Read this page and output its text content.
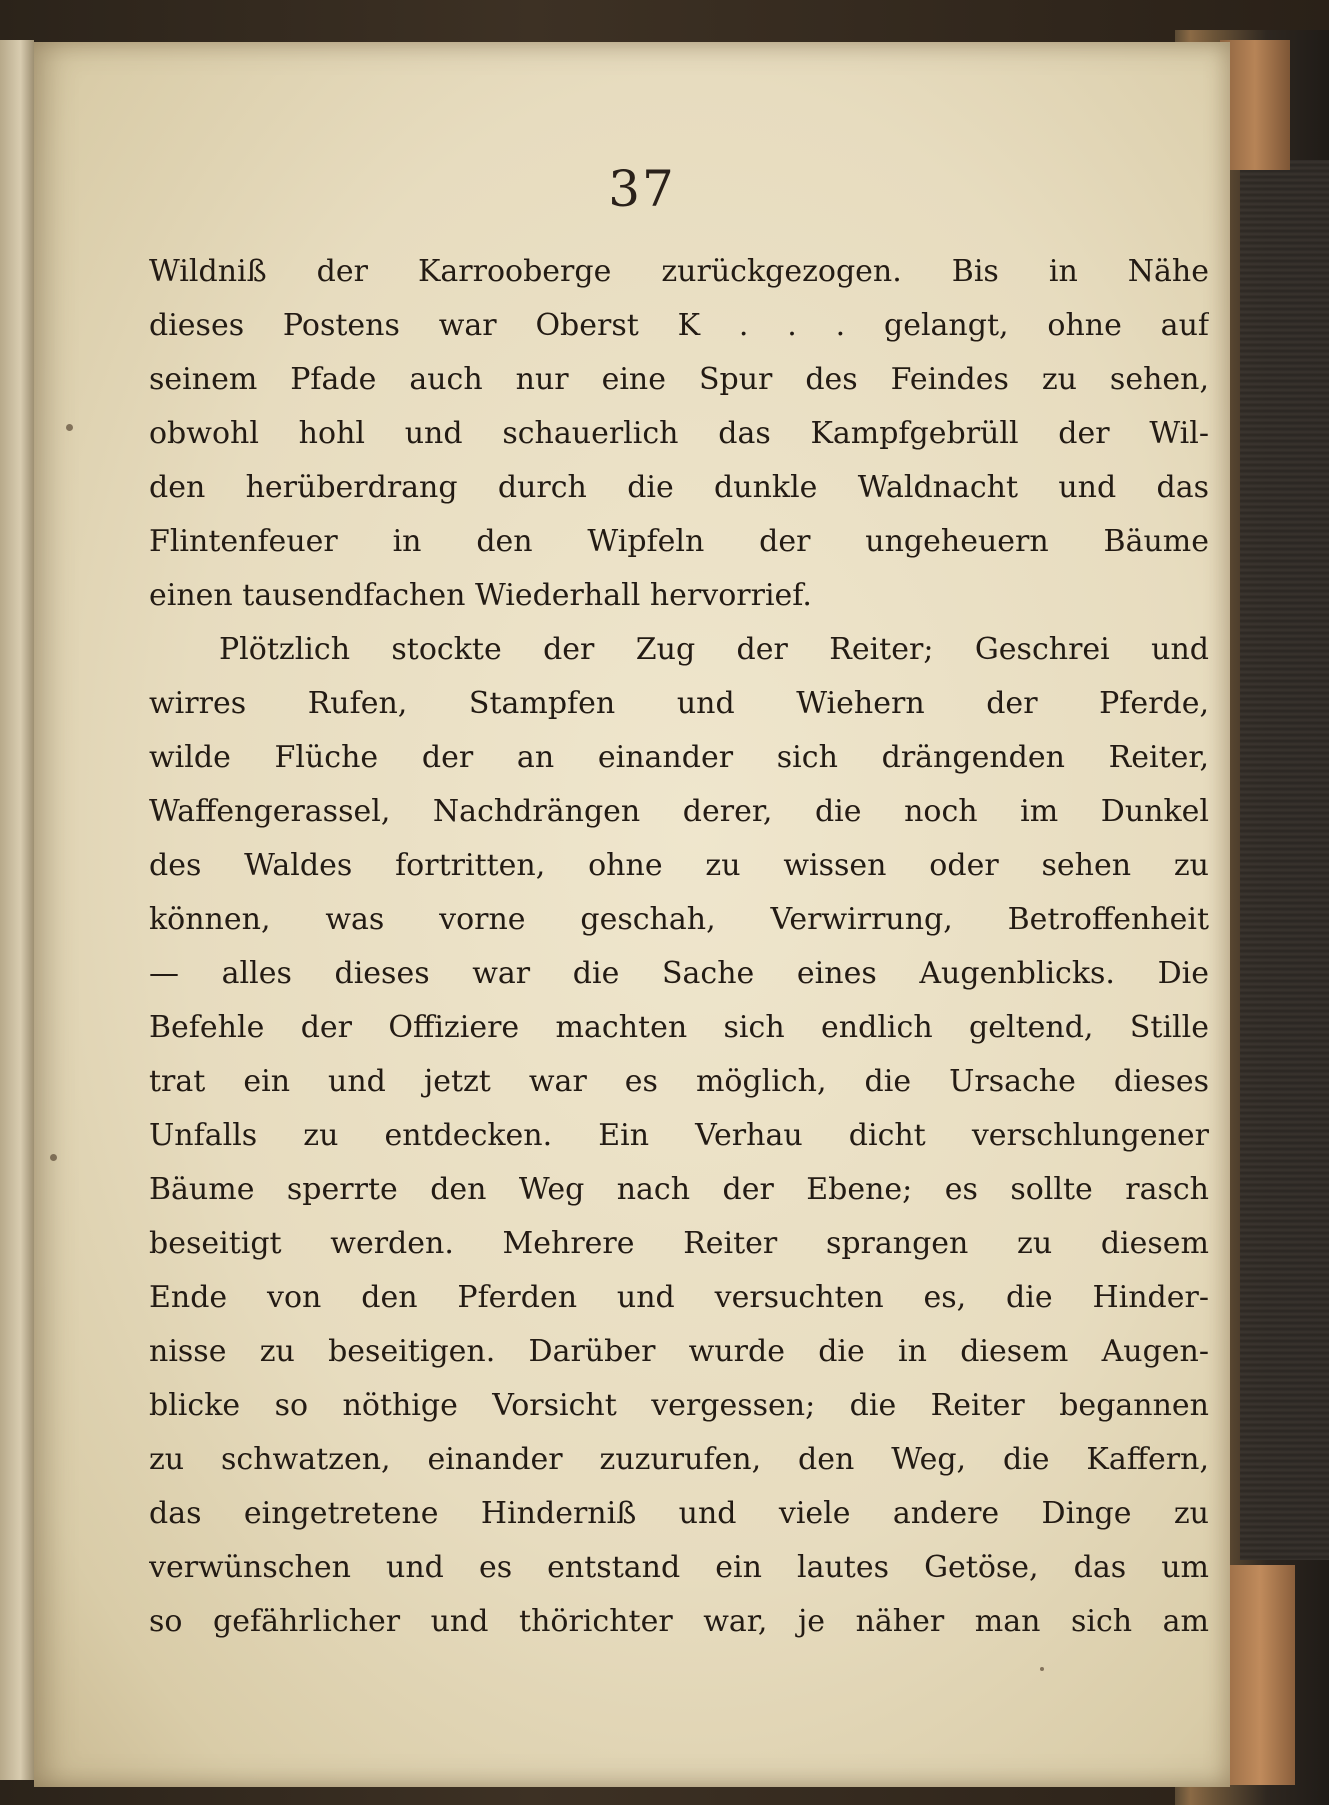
37
Wildniß der Karrooberge zurückgezogen. Bis in Nähe
dieses Postens war Oberst K . . . gelangt, ohne auf
seinem Pfade auch nur eine Spur des Feindes zu sehen,
obwohl hohl und schauerlich das Kampfgebrüll der Wil-
den herüberdrang durch die dunkle Waldnacht und das
Flintenfeuer in den Wipfeln der ungeheuern Bäume
einen tausendfachen Wiederhall hervorrief.
Plötzlich stockte der Zug der Reiter; Geschrei und
wirres Rufen, Stampfen und Wiehern der Pferde,
wilde Flüche der an einander sich drängenden Reiter,
Waffengerassel, Nachdrängen derer, die noch im Dunkel
des Waldes fortritten, ohne zu wissen oder sehen zu
können, was vorne geschah, Verwirrung, Betroffenheit
— alles dieses war die Sache eines Augenblicks. Die
Befehle der Offiziere machten sich endlich geltend, Stille
trat ein und jetzt war es möglich, die Ursache dieses
Unfalls zu entdecken. Ein Verhau dicht verschlungener
Bäume sperrte den Weg nach der Ebene; es sollte rasch
beseitigt werden. Mehrere Reiter sprangen zu diesem
Ende von den Pferden und versuchten es, die Hinder-
nisse zu beseitigen. Darüber wurde die in diesem Augen-
blicke so nöthige Vorsicht vergessen; die Reiter begannen
zu schwatzen, einander zuzurufen, den Weg, die Kaffern,
das eingetretene Hinderniß und viele andere Dinge zu
verwünschen und es entstand ein lautes Getöse, das um
so gefährlicher und thörichter war, je näher man sich am
